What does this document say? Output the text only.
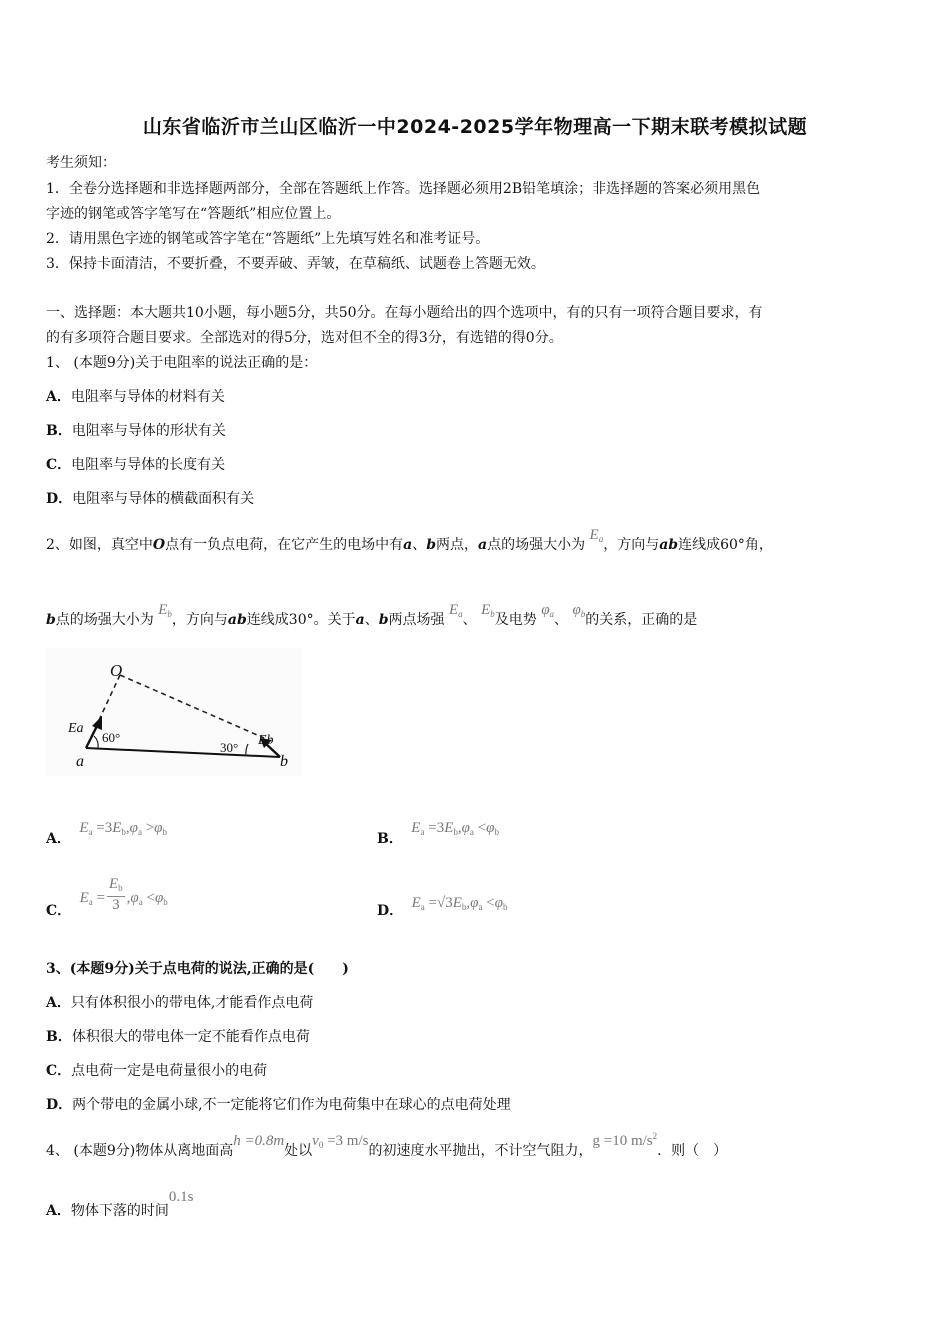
山东省临沂市兰山区临沂一中2024-2025学年物理高一下期末联考模拟试题
考生须知：
1．全卷分选择题和非选择题两部分，全部在答题纸上作答。选择题必须用2B铅笔填涂；非选择题的答案必须用黑色
字迹的钢笔或答字笔写在“答题纸”相应位置上。
2．请用黑色字迹的钢笔或答字笔在“答题纸”上先填写姓名和准考证号。
3．保持卡面清洁，不要折叠，不要弄破、弄皱，在草稿纸、试题卷上答题无效。
一、选择题：本大题共10小题，每小题5分，共50分。在每小题给出的四个选项中，有的只有一项符合题目要求，有
的有多项符合题目要求。全部选对的得5分，选对但不全的得3分，有选错的得0分。
1、 (本题9分)关于电阻率的说法正确的是：
A．电阻率与导体的材料有关
B．电阻率与导体的形状有关
C．电阻率与导体的长度有关
D．电阻率与导体的横截面积有关
2、如图，真空中O点有一负点电荷，在它产生的电场中有a、b两点，a点的场强大小为 $E_a$，方向与ab连线成60°角，
b点的场强大小为 $E_b$，方向与ab连线成30°。关于a、b两点场强 $E_a$、 $E_b$及电势 $\varphi_a$、 $\varphi_b$的关系，正确的是
O
a	b
Ea
Eb
60°
30°
A． $E_a =3E_b,\varphi_a >\varphi_b$	B． $E_a =3E_b,\varphi_a <\varphi_b$
C． $E_a = \frac{E_b}{3} ,\varphi_a <\varphi_b$
D． $E_a =√3E_b,\varphi_a <\varphi_b$
3、(本题9分)关于点电荷的说法,正确的是(　　)
A．只有体积很小的带电体,才能看作点电荷
B．体积很大的带电体一定不能看作点电荷
C．点电荷一定是电荷量很小的电荷
D．两个带电的金属小球,不一定能将它们作为电荷集中在球心的点电荷处理
4、 (本题9分)物体从离地面高h =0.8m处以$v_0 =3$ m/s的初速度水平抛出，不计空气阻力，g =10 $m/s^2$．则（　）
A．物体下落的时间0.1s
